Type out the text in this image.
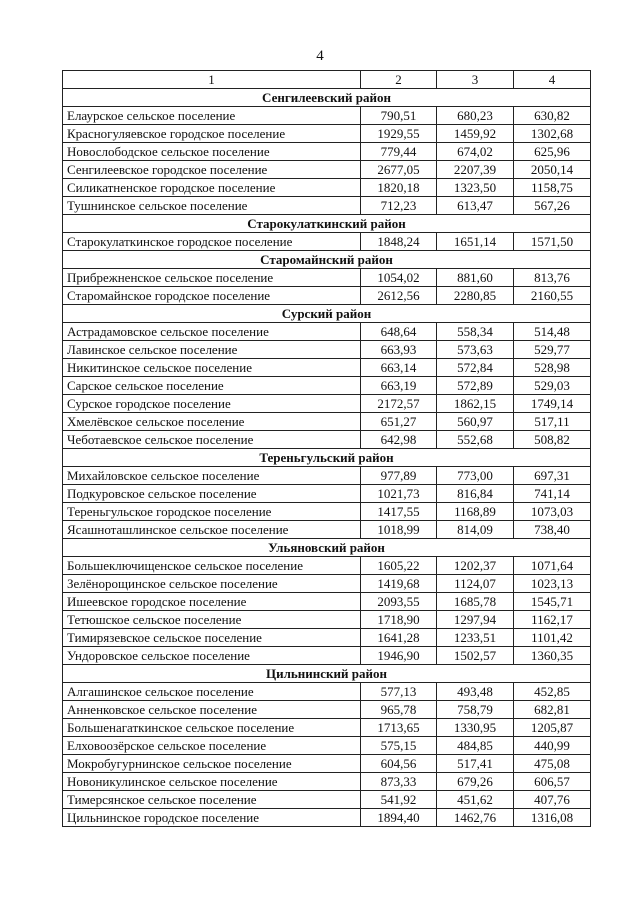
4
1	2	3	4
Сенгилеевский район			
Елаурское сельское поселение	790,51	680,23	630,82
Красногуляевское городское поселение	1929,55	1459,92	1302,68
Новослободское сельское поселение	779,44	674,02	625,96
Сенгилеевское городское поселение	2677,05	2207,39	2050,14
Силикатненское городское поселение	1820,18	1323,50	1158,75
Тушнинское сельское поселение	712,23	613,47	567,26
Старокулаткинский район			
Старокулаткинское городское поселение	1848,24	1651,14	1571,50
Старомайнский район			
Прибрежненское сельское поселение	1054,02	881,60	813,76
Старомайнское городское поселение	2612,56	2280,85	2160,55
Сурский район			
Астрадамовское сельское поселение	648,64	558,34	514,48
Лавинское сельское поселение	663,93	573,63	529,77
Никитинское сельское поселение	663,14	572,84	528,98
Сарское сельское поселение	663,19	572,89	529,03
Сурское городское поселение	2172,57	1862,15	1749,14
Хмелёвское сельское поселение	651,27	560,97	517,11
Чеботаевское сельское поселение	642,98	552,68	508,82
Тереньгульский район			
Михайловское сельское поселение	977,89	773,00	697,31
Подкуровское сельское поселение	1021,73	816,84	741,14
Тереньгульское городское поселение	1417,55	1168,89	1073,03
Ясашноташлинское сельское поселение	1018,99	814,09	738,40
Ульяновский район			
Большеключищенское сельское поселение	1605,22	1202,37	1071,64
Зелёнорощинское сельское поселение	1419,68	1124,07	1023,13
Ишеевское городское поселение	2093,55	1685,78	1545,71
Тетюшское сельское поселение	1718,90	1297,94	1162,17
Тимирязевское сельское поселение	1641,28	1233,51	1101,42
Ундоровское сельское поселение	1946,90	1502,57	1360,35
Цильнинский район			
Алгашинское сельское поселение	577,13	493,48	452,85
Анненковское сельское поселение	965,78	758,79	682,81
Большенагаткинское сельское поселение	1713,65	1330,95	1205,87
Елховоозёрское сельское поселение	575,15	484,85	440,99
Мокробугурнинское сельское поселение	604,56	517,41	475,08
Новоникулинское сельское поселение	873,33	679,26	606,57
Тимерсянское сельское поселение	541,92	451,62	407,76
Цильнинское городское поселение	1894,40	1462,76	1316,08
